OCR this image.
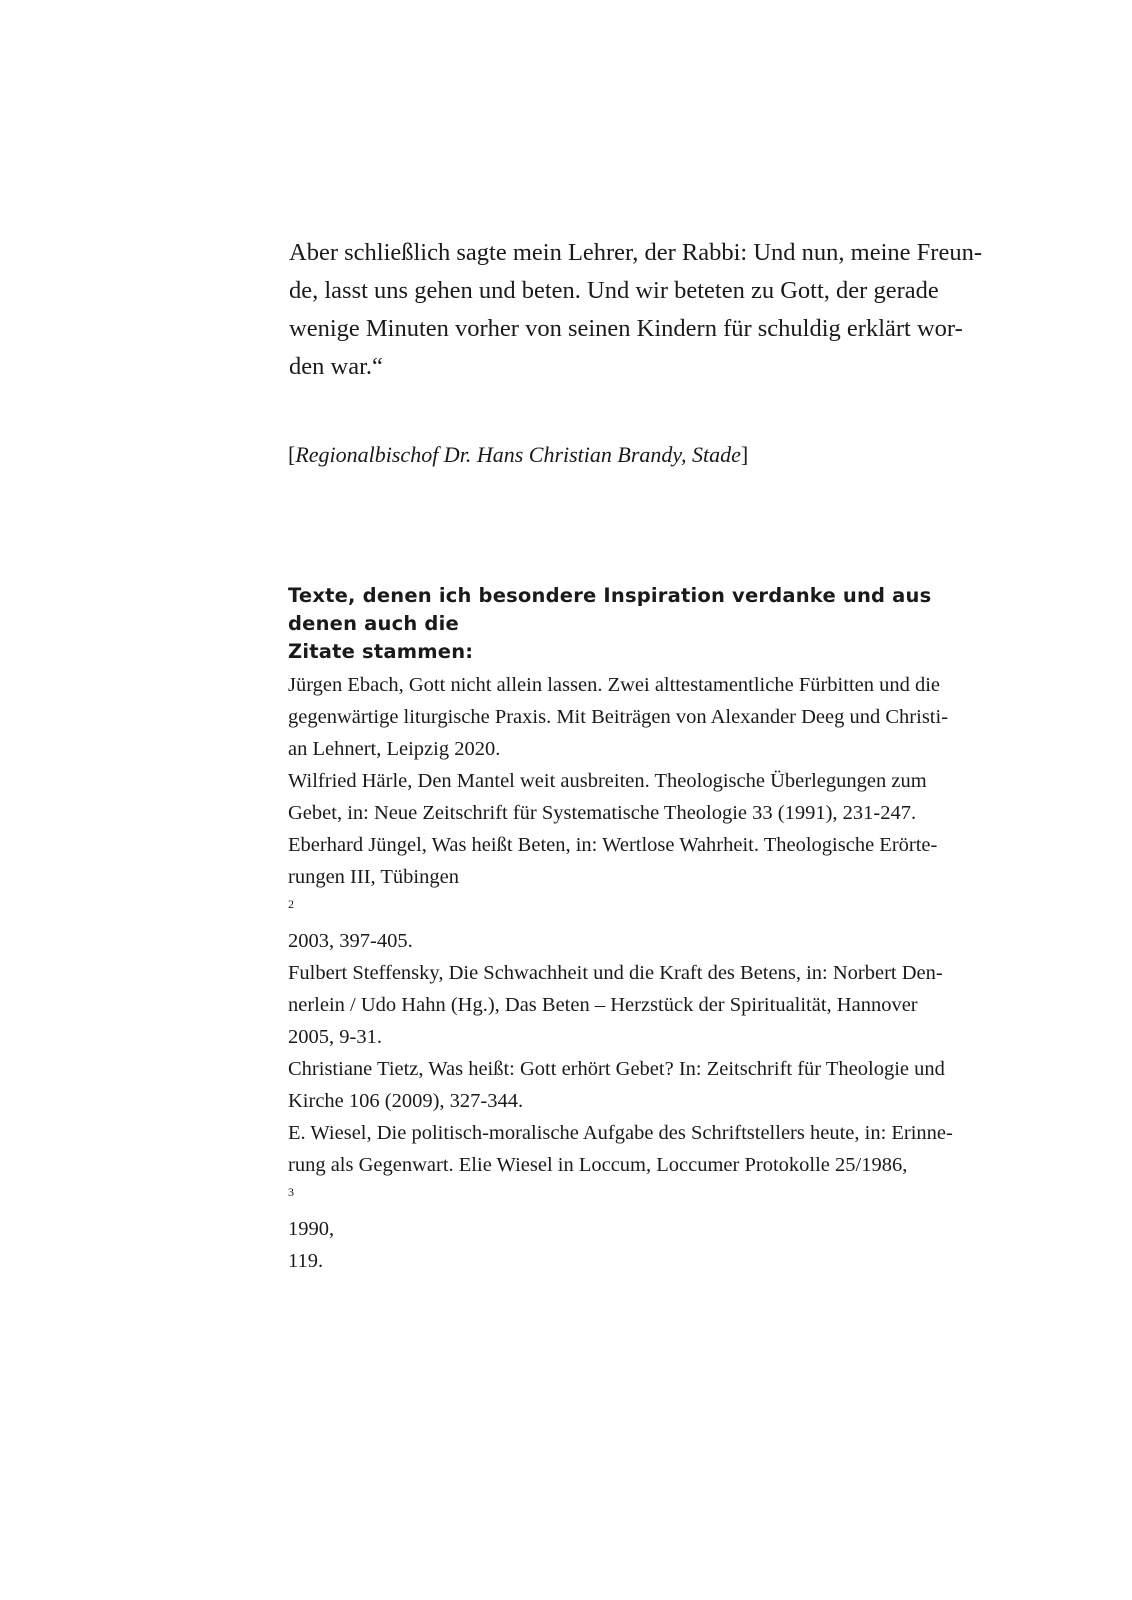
Aber schließlich sagte mein Lehrer, der Rabbi: Und nun, meine Freun-
de, lasst uns gehen und beten. Und wir beteten zu Gott, der gerade
wenige Minuten vorher von seinen Kindern für schuldig erklärt wor-
den war.“

[Regionalbischof Dr. Hans Christian Brandy, Stade]

Texte, denen ich besondere Inspiration verdanke und aus denen auch die
Zitate stammen:
Jürgen Ebach, Gott nicht allein lassen. Zwei alttestamentliche Fürbitten und die
gegenwärtige liturgische Praxis. Mit Beiträgen von Alexander Deeg und Christi-
an Lehnert, Leipzig 2020.
Wilfried Härle, Den Mantel weit ausbreiten. Theologische Überlegungen zum
Gebet, in: Neue Zeitschrift für Systematische Theologie 33 (1991), 231-247.
Eberhard Jüngel, Was heißt Beten, in: Wertlose Wahrheit. Theologische Erörte-
rungen III, Tübingen
$^2$
2003, 397-405.
Fulbert Steffensky, Die Schwachheit und die Kraft des Betens, in: Norbert Den-
nerlein / Udo Hahn (Hg.), Das Beten – Herzstück der Spiritualität, Hannover
2005, 9-31.
Christiane Tietz, Was heißt: Gott erhört Gebet? In: Zeitschrift für Theologie und
Kirche 106 (2009), 327-344.
E. Wiesel, Die politisch-moralische Aufgabe des Schriftstellers heute, in: Erinne-
rung als Gegenwart. Elie Wiesel in Loccum, Loccumer Protokolle 25/1986,
$^3$
1990,
119.
